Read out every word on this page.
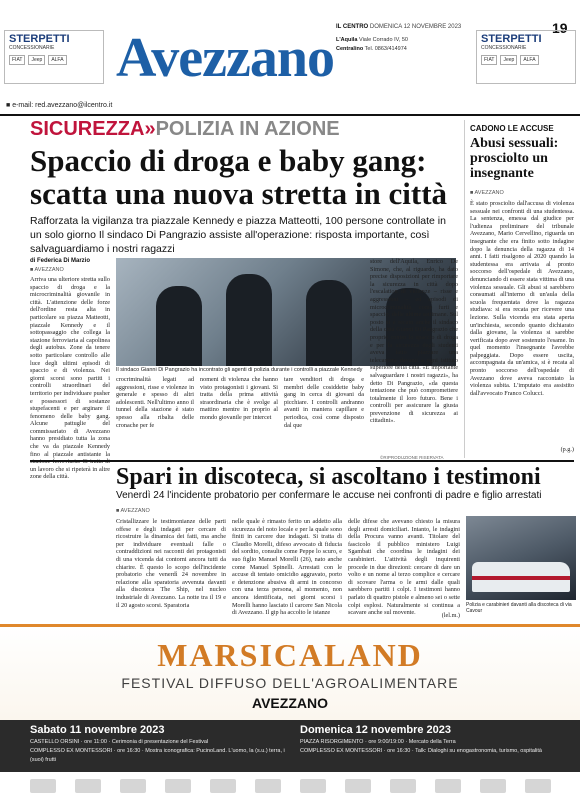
STERPETTI
CONCESSIONARIE
FIAT	Jeep	ALFA Avezzano IL CENTRO DOMENICA 12 NOVEMBRE 2023	19
L'Aquila Viale Corrado IV, 50
Centralino Tel. 0863/414974
STERPETTI
CONCESSIONARIE
FIAT	Jeep	ALFA
■ e-mail: red.avezzano@ilcentro.it
SICUREZZA»POLIZIA IN AZIONE
Spaccio di droga e baby gang: scatta una nuova stretta in città
Rafforzata la vigilanza tra piazzale Kennedy e piazza Matteotti, 100 persone controllate in un solo giorno Il sindaco Di Pangrazio assiste all'operazione: risposta importante, così salvaguardiamo i nostri ragazzi
di Federica Di Marzio
■ AVEZZANO
Arriva una ulteriore stretta sullo spaccio di droga e la microcriminalità giovanile in città. L'attenzione delle forze dell'ordine resta alta in particolare su piazza Matteotti, piazzale Kennedy e il sottopassaggio che collega la stazione ferroviaria al capolinea degli autobus. Zone da tenere sotto particolare controllo alle luce degli ultimi episodi di spaccio e di violenza. Nei giorni scorsi sono partiti i controlli straordinari del territorio per individuare pusher e possessori di sostanze stupefacenti e per arginare il fenomeno delle baby gang. Alcune pattuglie del commissariato di Avezzano hanno presidiato tutta la zona che va da piazzale Kennedy fino al piazzale antistante la un lavoro che si ripeterà in altre zone della città.
Il sindaco Gianni Di Pangrazio ha incontrato gli agenti di polizia durante i controlli a piazzale Kennedy
crocriminalità legati ad aggressioni, risse e violenze in generale e spesso di altri adolescenti. Nell'ultimo anno il tunnel della stazione è stato spesso alla ribalta delle cronache per fe
nomeni di violenza che hanno visto protagonisti i giovani. Si tratta della prima attività straordinaria che è svolge al mattino mentre in proprio al mondo giovanile per intercet
tare venditori di droga e membri delle cosiddette baby gang in cerca di giovani da picchiare. I controlli andranno avanti in maniera capillare e periodica, così come disposto dal que
store dell'Aquila, Enrico De Simone, che, al riguardo, ha dato precise disposizioni per rimportare la sicurezza in città dopo l'escalation di violenze – risse e aggressioni – ed episodi di microcriminalità, come furti e spaccio, delle ultime settimane. Sul posto si è recato anche il sindaco della città Gianni Di Pangrazio che proprio contro lo spaccio di droga e per la sicurezza degli studenti aveva fatto piazzare una telecamera davanti a ogni istituto superiore della città. «È importante salvaguardare i nostri ragazzi», ha detto Di Pangrazio, «da questa tentazione che può compromettere totalmente il loro futuro. Bene i controlli per assicurare la giusta prevenzione di sicurezza ai cittadini».
©RIPRODUZIONE RISERVATA
CADONO LE ACCUSE
Abusi sessuali: prosciolto un insegnante
■ AVEZZANO
È stato prosciolto dall'accusa di violenza sessuale nei confronti di una studentessa. La sentenza, emessa dal giudice per l'udienza preliminare del tribunale Avezzano, Mario Cervellino, riguarda un insegnante che era finito sotto indagine dopo la denuncia della ragazza di 14 anni. I fatti risalgono al 2020 quando la studentessa era arrivata al pronto soccorso dell'ospedale di Avezzano, denunciando di essere stata vittima di una violenza sessuale. Gli abusi si sarebbero consumati all'interno di un'aula della scuola frequentata dove la ragazza studiava: si era recata per ricevere una lezione. Sulla vicenda era stata aperta un'inchiesta, secondo quanto dichiarato dalla giovane, la violenza si sarebbe verificata dopo aver sostenuto l'esame. In quel momento l'insegnante l'avrebbe palpeggiata. Dopo essere uscita, accompagnata da un'amica, si è recata al pronto soccorso dell'ospedale di Avezzano dove aveva raccontato la violenza subita. L'imputato era assistito dall'avvocato Franco Colucci.
(p.g.)
Spari in discoteca, si ascoltano i testimoni
Venerdì 24 l'incidente probatorio per confermare le accuse nei confronti di padre e figlio arrestati
■ AVEZZANO
Cristallizzare le testimonianze delle parti offese e degli indagati per cercare di ricostruire la dinamica dei fatti, ma anche per individuare eventuali falle o contraddizioni nei racconti dei protagonisti di una vicenda dai contorni ancora tutti da chiarire. È questo lo scopo dell'incidente probatorio che venerdì 24 novembre in relazione alla sparatoria avvenuta davanti alla discoteca The Ship, nel nucleo industriale di Avezzano. La notte tra il 19 e il 20 agosto scorsi. Sparatoria
nelle quale è rimasto ferito un addetto alla sicurezza del noto locale e per la quale sono finiti in carcere due indagati. Si tratta di Claudio Morelli, difeso avvocato di fiducia del sordito, consulte come Peppe lo scuro, e suo figlio Manuel Morelli (26), nato anche come Manuel Spinelli. Arrestati con le accuse di tentato omicidio aggravato, porto e detenzione abusiva di armi in concorso con una terza persona, al momento, non ancora identificata, nei giorni scorsi i Morelli hanno lasciato il carcere San Nicola di Avezzano. Il gip ha accolto le istanze
delle difese che avevano chiesto la misura degli arresti domiciliari. Intanto, le indagini della Procura vanno avanti. Titolare del fascicolo il pubblico ministero Luigi Sgambati che coordina le indagini dei carabinieri. L'attività degli inquirenti procede in due direzioni: cercare di dare un volto e un nome al terzo complice e cercare di scovare l'arma o le armi dalle quali sarebbero partiti i colpi. I testimoni hanno parlato di quattro pistole e almeno sei o sette colpi esplosi. Naturalmente si continua a scavare anche sul movente.	(lel.m.)
Polizia e carabinieri davanti alla discoteca di via Cavour
MARSICALAND
FESTIVAL DIFFUSO DELL'AGROALIMENTARE
AVEZZANO
Sabato 11 novembre 2023
CASTELLO ORSINI · ore 11:00 · Cerimonia di presentazione del Festival
COMPLESSO EX MONTESSORI · ore 16:30 · Mostra iconografica: PucinoLand. L'uomo, la (s.u.) terra, i (suoi) frutti
Domenica 12 novembre 2023
PIAZZA RISORGIMENTO · ore 9:00/19:00 · Mercato della Terra
COMPLESSO EX MONTESSORI · ore 16:30 · Talk: Dialoghi su enogastronomia, turismo, ospitalità
